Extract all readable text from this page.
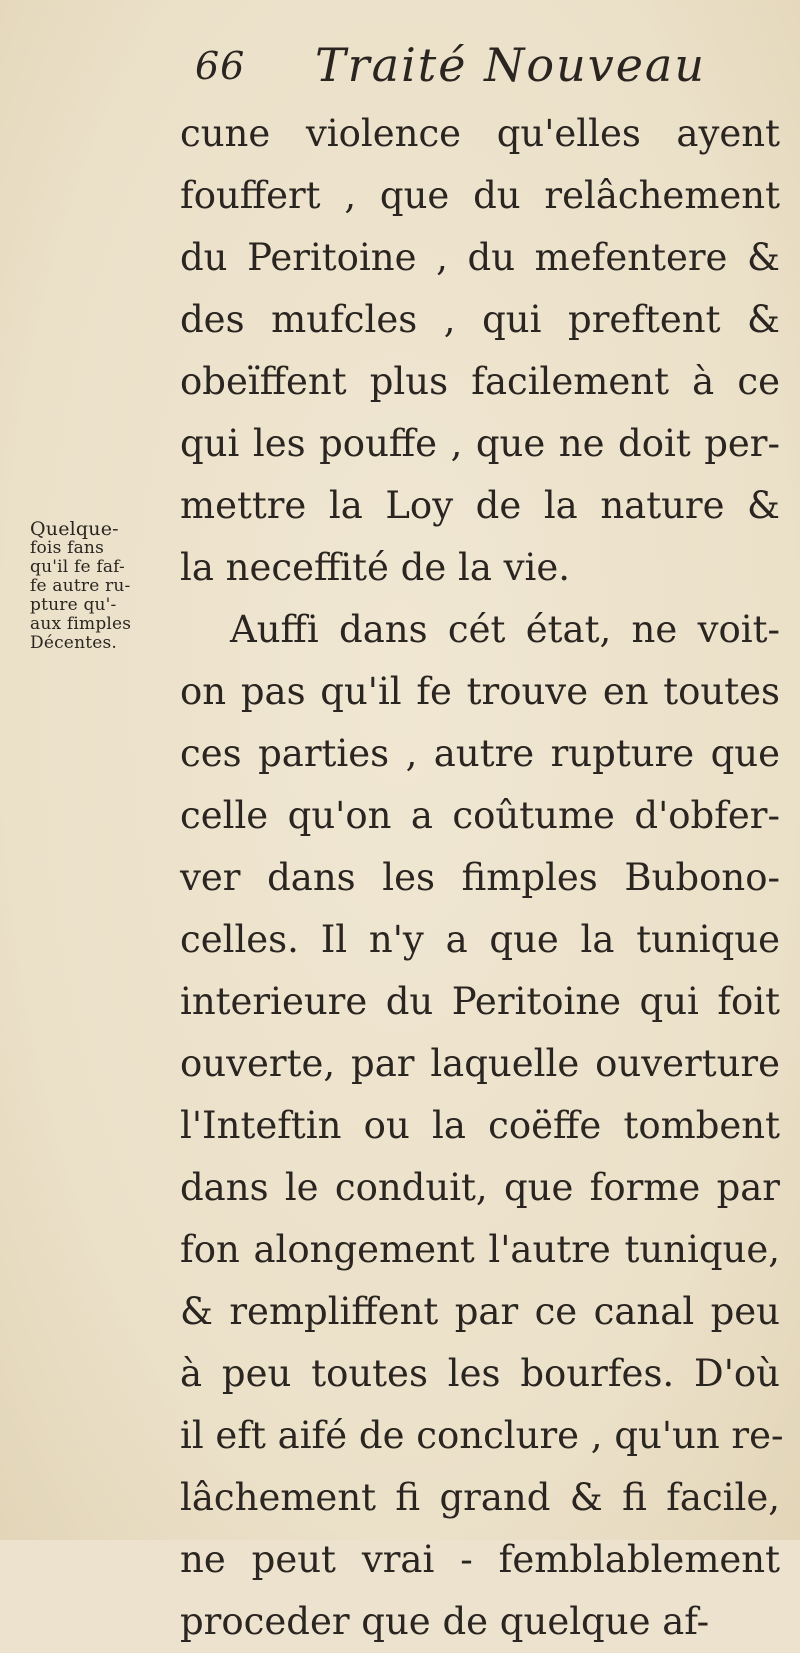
66 Traité Nouveau
Quelque-
fois fans
qu'il fe faf-
fe autre ru-
pture qu'-
aux fimples
Décentes.
cune violence qu'elles ayent
fouffert , que du relâchement
du Peritoine , du mefentere &
des mufcles , qui preftent &
obeïffent plus facilement à ce
qui les pouffe , que ne doit per-
mettre la Loy de la nature &
la neceffité de la vie.
Auffi dans cét état, ne voit-
on pas qu'il fe trouve en toutes
ces parties , autre rupture que
celle qu'on a coûtume d'obfer-
ver dans les fimples Bubono-
celles. Il n'y a que la tunique
interieure du Peritoine qui foit
ouverte, par laquelle ouverture
l'Inteftin ou la coëffe tombent
dans le conduit, que forme par
fon alongement l'autre tunique,
& rempliffent par ce canal peu
à peu toutes les bourfes. D'où
il eft aifé de conclure , qu'un re-
lâchement fi grand & fi facile,
ne peut vrai - femblablement
proceder que de quelque af-
